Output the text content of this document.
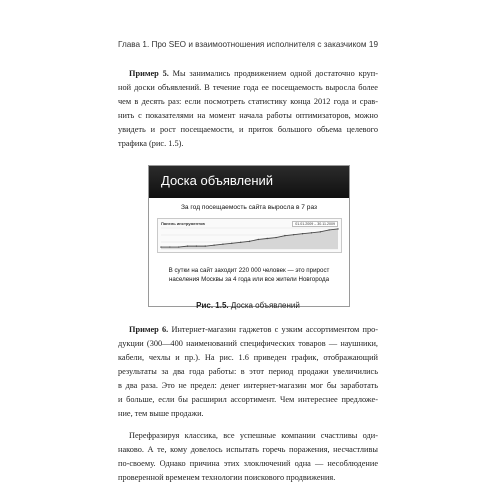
Глава 1. Про SEO и взаимоотношения исполнителя с заказчиком 19
Пример 5. Мы занимались продвижением одной достаточно круп-
ной доски объявлений. В течение года ее посещаемость выросла более
чем в десять раз: если посмотреть статистику конца 2012 года и срав-
нить с показателями на момент начала работы оптимизаторов, можно
увидеть и рост посещаемости, и приток большого объема целевого
трафика (рис. 1.5).
Доска объявлений
За год посещаемость сайта выросла в 7 раз
Панель инструментов	01.01.2009 – 30.11.2009
В сутки на сайт заходит 220 000 человек — это прирост
населения Москвы за 4 года или все жители Новгорода
Рис. 1.5. Доска объявлений
Пример 6. Интернет-магазин гаджетов с узким ассортиментом про-
дукции (300—400 наименований специфических товаров — наушники,
кабели, чехлы и пр.). На рис. 1.6 приведен график, отображающий
результаты за два года работы: в этот период продажи увеличились
в два раза. Это не предел: денег интернет-магазин мог бы заработать
и больше, если бы расширил ассортимент. Чем интереснее предложе-
ние, тем выше продажи.
Перефразируя классика, все успешные компании счастливы оди-
наково. А те, кому довелось испытать горечь поражения, несчастливы
по-своему. Однако причина этих злоключений одна — несоблюдение
проверенной временем технологии поискового продвижения.
